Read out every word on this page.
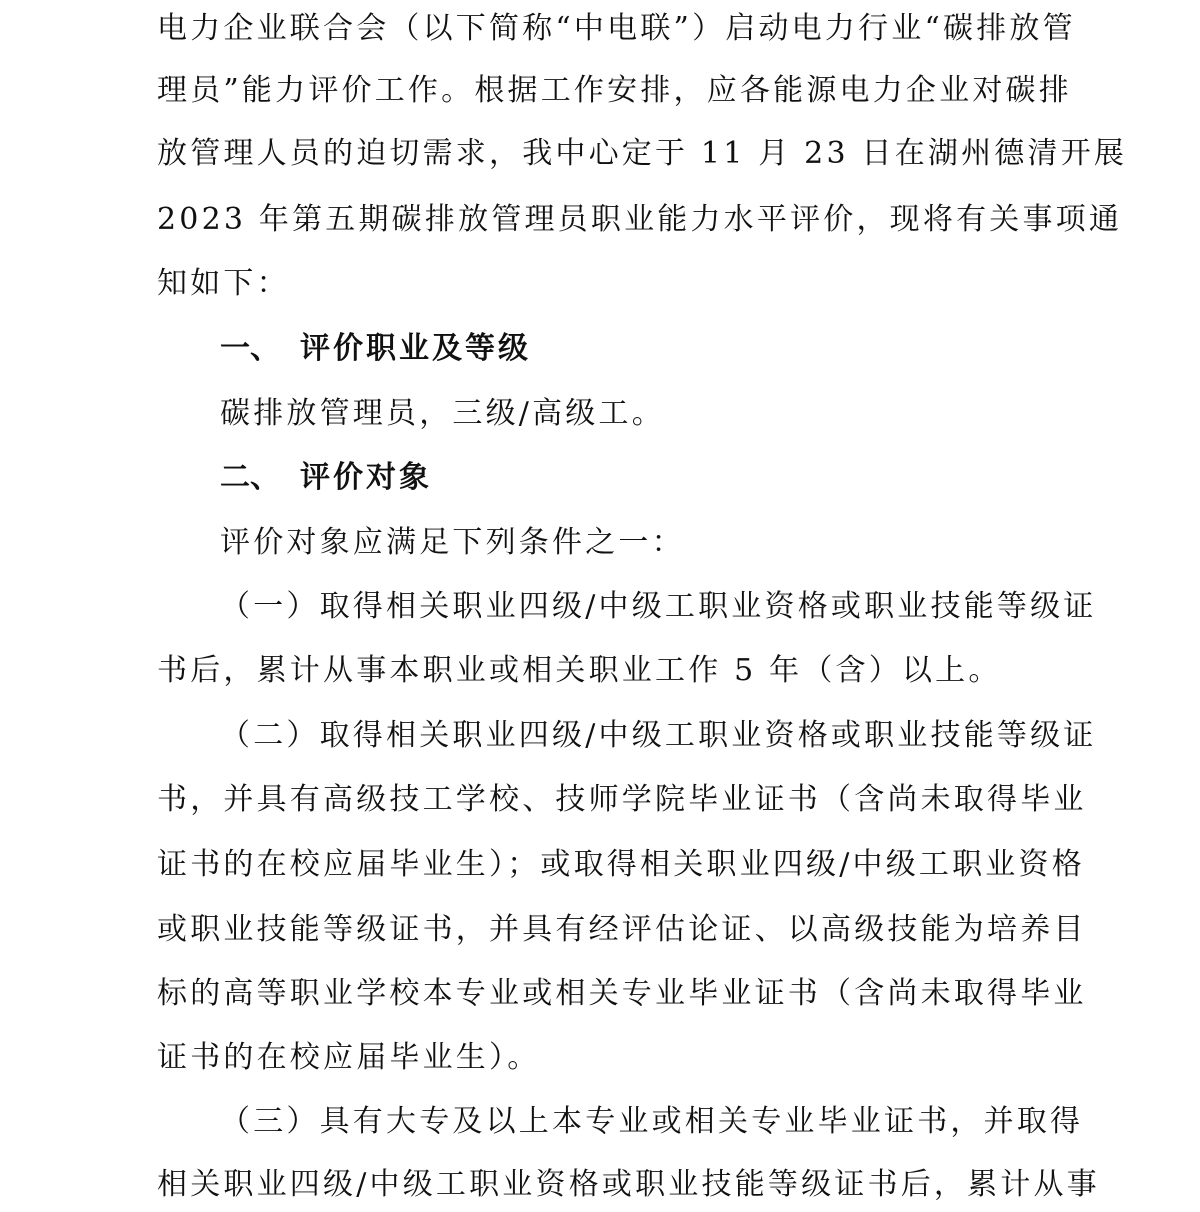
电力企业联合会（以下简称“中电联”）启动电力行业“碳排放管
理员”能力评价工作。根据工作安排，应各能源电力企业对碳排
放管理人员的迫切需求，我中心定于 11 月 23 日在湖州德清开展
2023 年第五期碳排放管理员职业能力水平评价，现将有关事项通
知如下：
一、 评价职业及等级
碳排放管理员，三级/高级工。
二、 评价对象
评价对象应满足下列条件之一：
（一）取得相关职业四级/中级工职业资格或职业技能等级证
书后，累计从事本职业或相关职业工作 5 年（含）以上。
（二）取得相关职业四级/中级工职业资格或职业技能等级证
书，并具有高级技工学校、技师学院毕业证书（含尚未取得毕业
证书的在校应届毕业生）；或取得相关职业四级/中级工职业资格
或职业技能等级证书，并具有经评估论证、以高级技能为培养目
标的高等职业学校本专业或相关专业毕业证书（含尚未取得毕业
证书的在校应届毕业生）。
（三）具有大专及以上本专业或相关专业毕业证书，并取得
相关职业四级/中级工职业资格或职业技能等级证书后，累计从事
